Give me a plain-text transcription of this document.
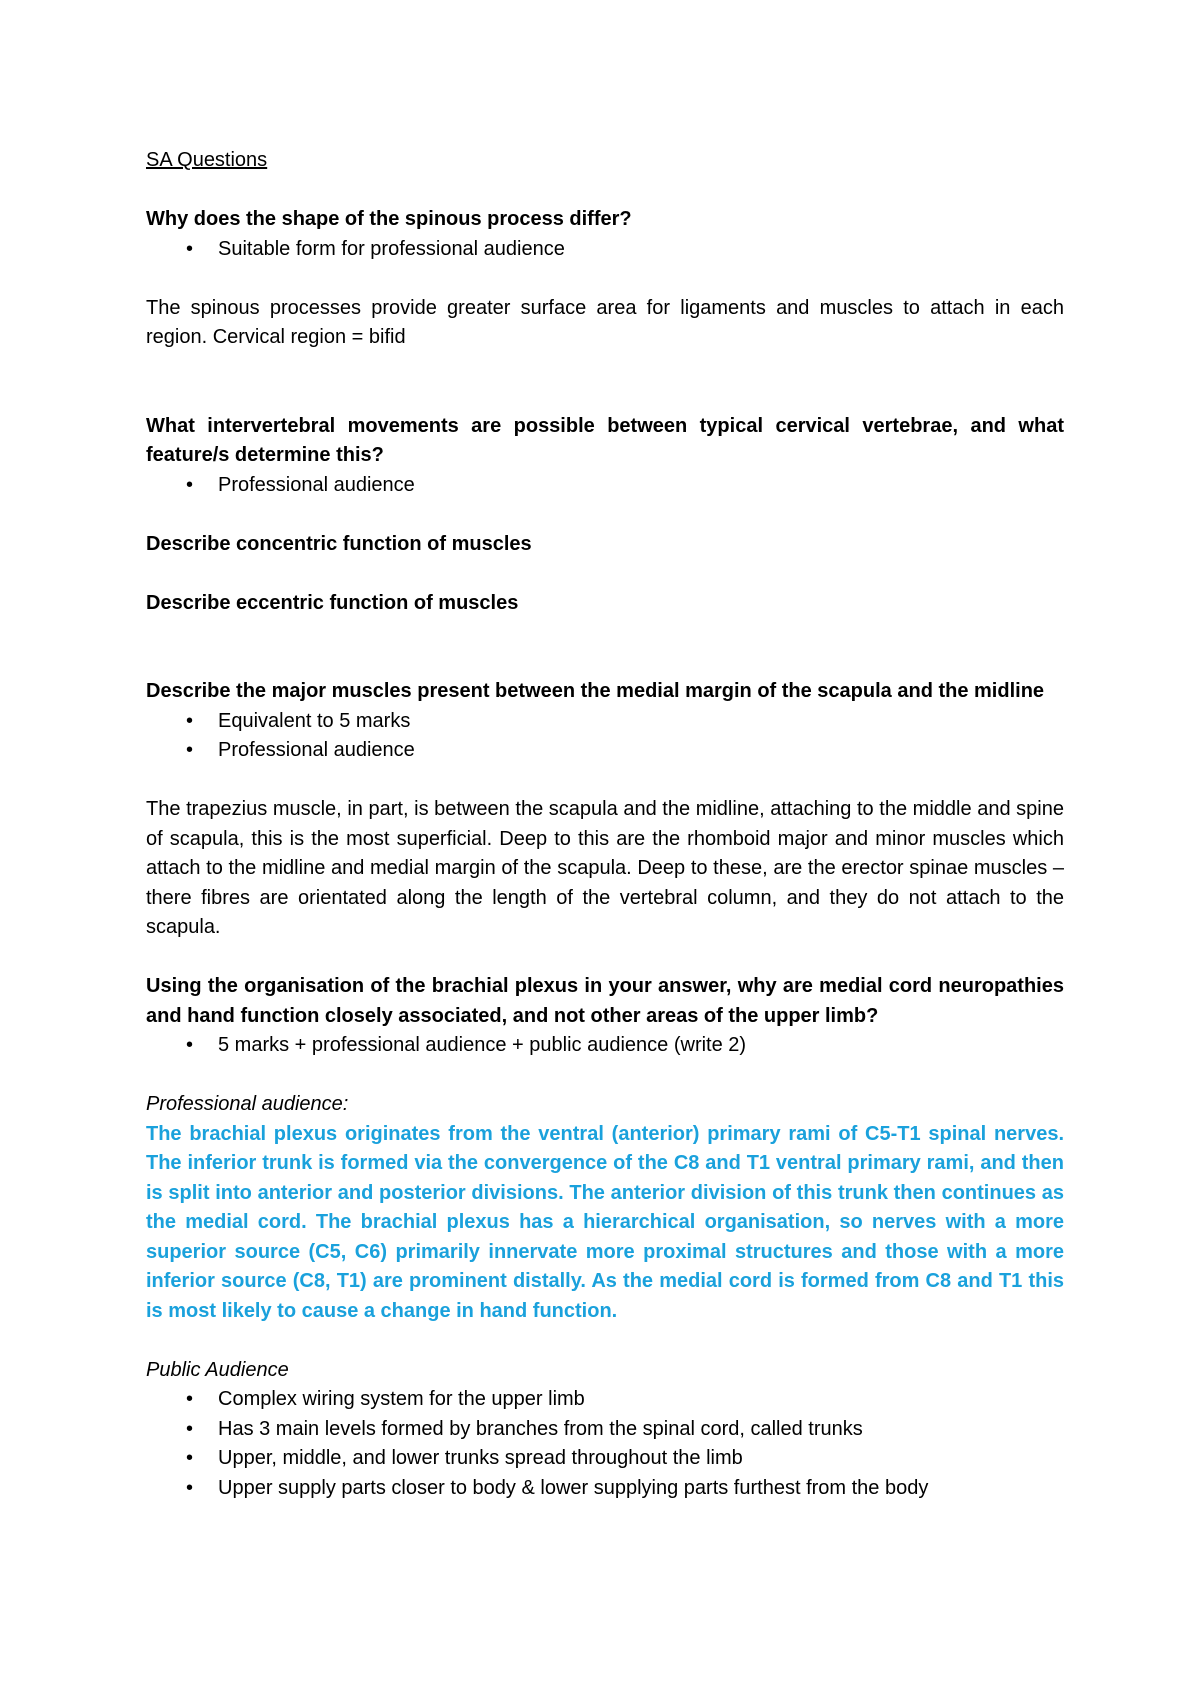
SA Questions

Why does the shape of the spinous process differ?

• Suitable form for professional audience

The spinous processes provide greater surface area for ligaments and muscles to attach in each region. Cervical region = bifid

What intervertebral movements are possible between typical cervical vertebrae, and what feature/s determine this?

• Professional audience

Describe concentric function of muscles

Describe eccentric function of muscles

Describe the major muscles present between the medial margin of the scapula and the midline

• Equivalent to 5 marks
• Professional audience

The trapezius muscle, in part, is between the scapula and the midline, attaching to the middle and spine of scapula, this is the most superficial. Deep to this are the rhomboid major and minor muscles which attach to the midline and medial margin of the scapula. Deep to these, are the erector spinae muscles – there fibres are orientated along the length of the vertebral column, and they do not attach to the scapula.

Using the organisation of the brachial plexus in your answer, why are medial cord neuropathies and hand function closely associated, and not other areas of the upper limb?

• 5 marks + professional audience + public audience (write 2)

Professional audience:

The brachial plexus originates from the ventral (anterior) primary rami of C5-T1 spinal nerves. The inferior trunk is formed via the convergence of the C8 and T1 ventral primary rami, and then is split into anterior and posterior divisions. The anterior division of this trunk then continues as the medial cord. The brachial plexus has a hierarchical organisation, so nerves with a more superior source (C5, C6) primarily innervate more proximal structures and those with a more inferior source (C8, T1) are prominent distally. As the medial cord is formed from C8 and T1 this is most likely to cause a change in hand function.

Public Audience

• Complex wiring system for the upper limb
• Has 3 main levels formed by branches from the spinal cord, called trunks
• Upper, middle, and lower trunks spread throughout the limb
• Upper supply parts closer to body & lower supplying parts furthest from the body
